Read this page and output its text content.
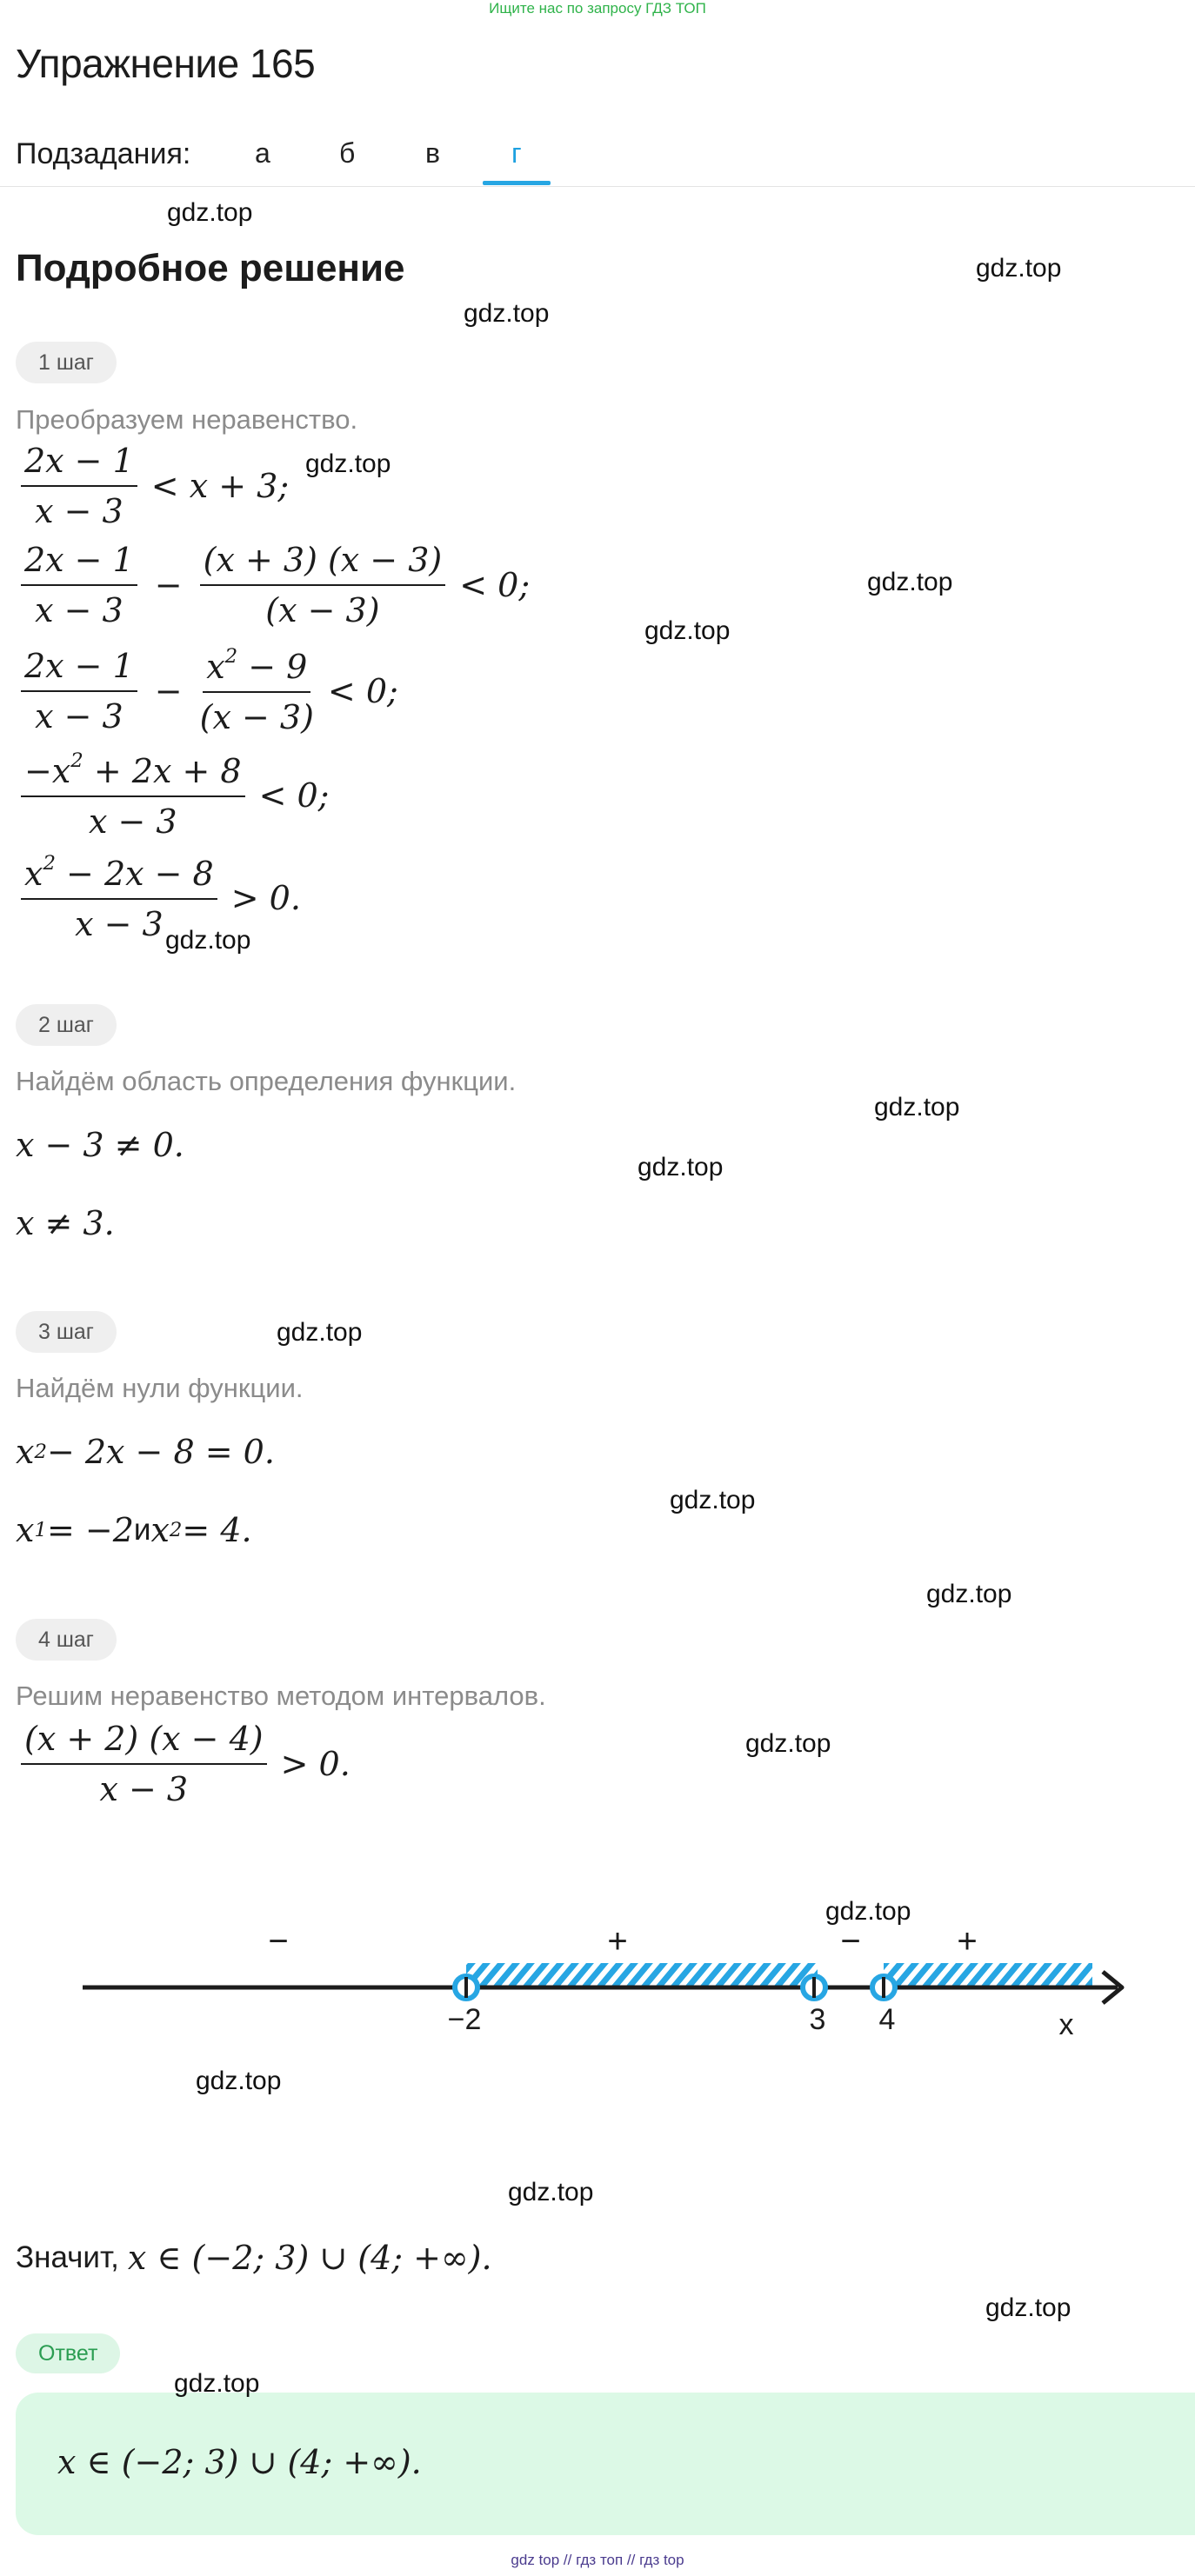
Ищите нас по запросу ГДЗ ТОП
Упражнение 165
Подзадания: а б	в	г
Подробное решение
1 шаг
Преобразуем неравенство.
$\frac{2x - 1}{x - 3} < x + 3$;
$\frac{2x - 1}{x - 3} - \frac{(x + 3) (x - 3)}{(x - 3)} < 0$;
$\frac{2x - 1}{x - 3} - \frac{x^2 - 9}{(x - 3)} < 0$;
$\frac{-x^2 + 2x + 8}{x - 3} < 0$;
$\frac{x^2 - 2x - 8}{x - 3} > 0$.
2 шаг
Найдём область определения функции.
x − 3 ≠ 0.
x ≠ 3.
3 шаг
Найдём нули функции.
x 2 − 2x − 8 = 0.
x 1 = −2 и x 2 = 4.
4 шаг
Решим неравенство методом интервалов.
$\frac{(x + 2) (x - 4)}{x - 3} > 0$.
−	+	−	+
−2	3 4	x
Значит, x ∈ (−2; 3) ∪ (4; +∞).
Ответ
x ∈ (−2; 3) ∪ (4; +∞).
gdz.top
gdz.top
gdz.top
gdz.top
gdz.top
gdz.top
gdz.top
gdz.top
gdz.top
gdz.top
gdz.top
gdz.top
gdz.top
gdz.top
gdz.top
gdz.top
gdz.top
gdz.top
gdz top // гдз топ // гдз top
